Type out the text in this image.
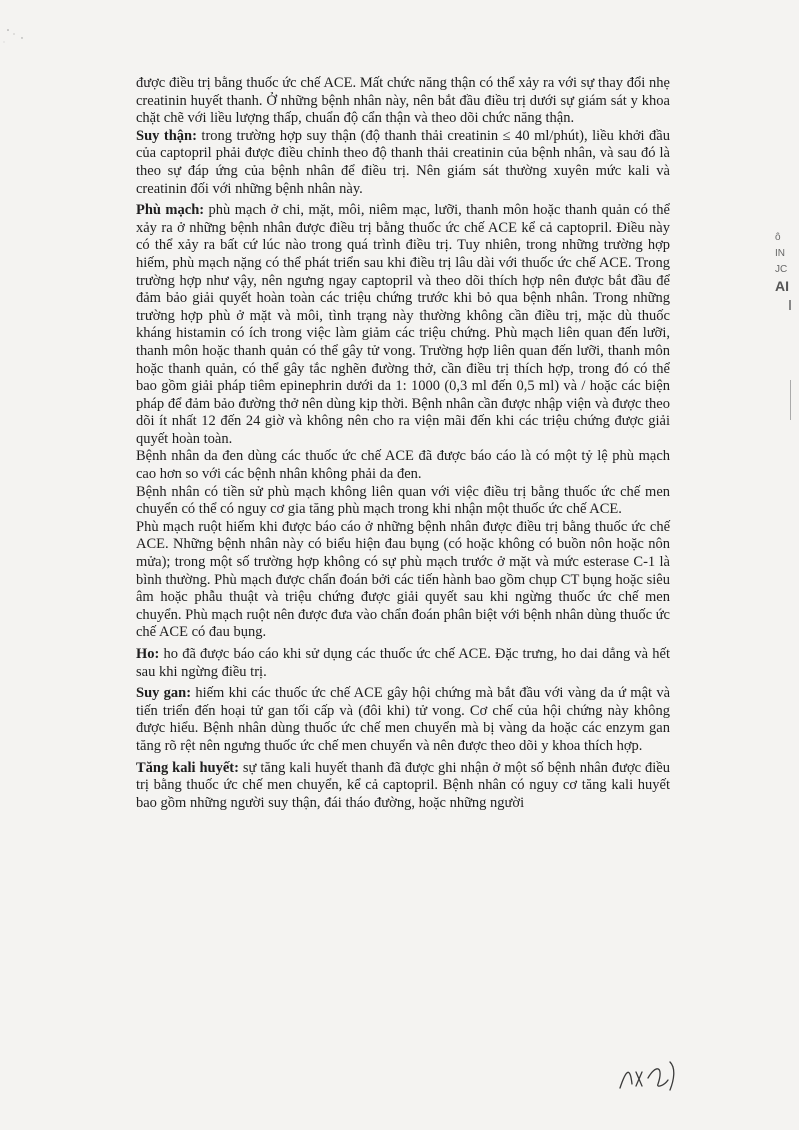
được điều trị bằng thuốc ức chế ACE. Mất chức năng thận có thể xảy ra với sự thay đổi nhẹ creatinin huyết thanh. Ở những bệnh nhân này, nên bắt đầu điều trị dưới sự giám sát y khoa chặt chẽ với liều lượng thấp, chuẩn độ cẩn thận và theo dõi chức năng thận.

Suy thận: trong trường hợp suy thận (độ thanh thải creatinin ≤ 40 ml/phút), liều khởi đầu của captopril phải được điều chỉnh theo độ thanh thải creatinin của bệnh nhân, và sau đó là theo sự đáp ứng của bệnh nhân để điều trị. Nên giám sát thường xuyên mức kali và creatinin đối với những bệnh nhân này.

Phù mạch: phù mạch ở chi, mặt, môi, niêm mạc, lưỡi, thanh môn hoặc thanh quản có thể xảy ra ở những bệnh nhân được điều trị bằng thuốc ức chế ACE kể cả captopril. Điều này có thể xảy ra bất cứ lúc nào trong quá trình điều trị. Tuy nhiên, trong những trường hợp hiếm, phù mạch nặng có thể phát triển sau khi điều trị lâu dài với thuốc ức chế ACE. Trong trường hợp như vậy, nên ngưng ngay captopril và theo dõi thích hợp nên được bắt đầu để đảm bảo giải quyết hoàn toàn các triệu chứng trước khi bỏ qua bệnh nhân. Trong những trường hợp phù ở mặt và môi, tình trạng này thường không cần điều trị, mặc dù thuốc kháng histamin có ích trong việc làm giảm các triệu chứng. Phù mạch liên quan đến lưỡi, thanh môn hoặc thanh quản có thể gây tử vong. Trường hợp liên quan đến lưỡi, thanh môn hoặc thanh quản, có thể gây tắc nghẽn đường thở, cần điều trị thích hợp, trong đó có thể bao gồm giải pháp tiêm epinephrin dưới da 1: 1000 (0,3 ml đến 0,5 ml) và / hoặc các biện pháp để đảm bảo đường thở nên dùng kịp thời. Bệnh nhân cần được nhập viện và được theo dõi ít nhất 12 đến 24 giờ và không nên cho ra viện mãi đến khi các triệu chứng được giải quyết hoàn toàn.

Bệnh nhân da đen dùng các thuốc ức chế ACE đã được báo cáo là có một tỷ lệ phù mạch cao hơn so với các bệnh nhân không phải da đen.

Bệnh nhân có tiền sử phù mạch không liên quan với việc điều trị bằng thuốc ức chế men chuyển có thể có nguy cơ gia tăng phù mạch trong khi nhận một thuốc ức chế ACE.

Phù mạch ruột hiếm khi được báo cáo ở những bệnh nhân được điều trị bằng thuốc ức chế ACE. Những bệnh nhân này có biểu hiện đau bụng (có hoặc không có buồn nôn hoặc nôn mửa); trong một số trường hợp không có sự phù mạch trước ở mặt và mức esterase C-1 là bình thường. Phù mạch được chẩn đoán bởi các tiến hành bao gồm chụp CT bụng hoặc siêu âm hoặc phẫu thuật và triệu chứng được giải quyết sau khi ngừng thuốc ức chế men chuyển. Phù mạch ruột nên được đưa vào chẩn đoán phân biệt với bệnh nhân dùng thuốc ức chế ACE có đau bụng.

Ho: ho đã được báo cáo khi sử dụng các thuốc ức chế ACE. Đặc trưng, ho dai dẳng và hết sau khi ngừng điều trị.

Suy gan: hiếm khi các thuốc ức chế ACE gây hội chứng mà bắt đầu với vàng da ứ mật và tiến triển đến hoại tử gan tối cấp và (đôi khi) tử vong. Cơ chế của hội chứng này không được hiểu. Bệnh nhân dùng thuốc ức chế men chuyển mà bị vàng da hoặc các enzym gan tăng rõ rệt nên ngưng thuốc ức chế men chuyển và nên được theo dõi y khoa thích hợp.

Tăng kali huyết: sự tăng kali huyết thanh đã được ghi nhận ở một số bệnh nhân được điều trị bằng thuốc ức chế men chuyển, kể cả captopril. Bệnh nhân có nguy cơ tăng kali huyết bao gồm những người suy thận, đái tháo đường, hoặc những người

ô
IN
JC
AI
